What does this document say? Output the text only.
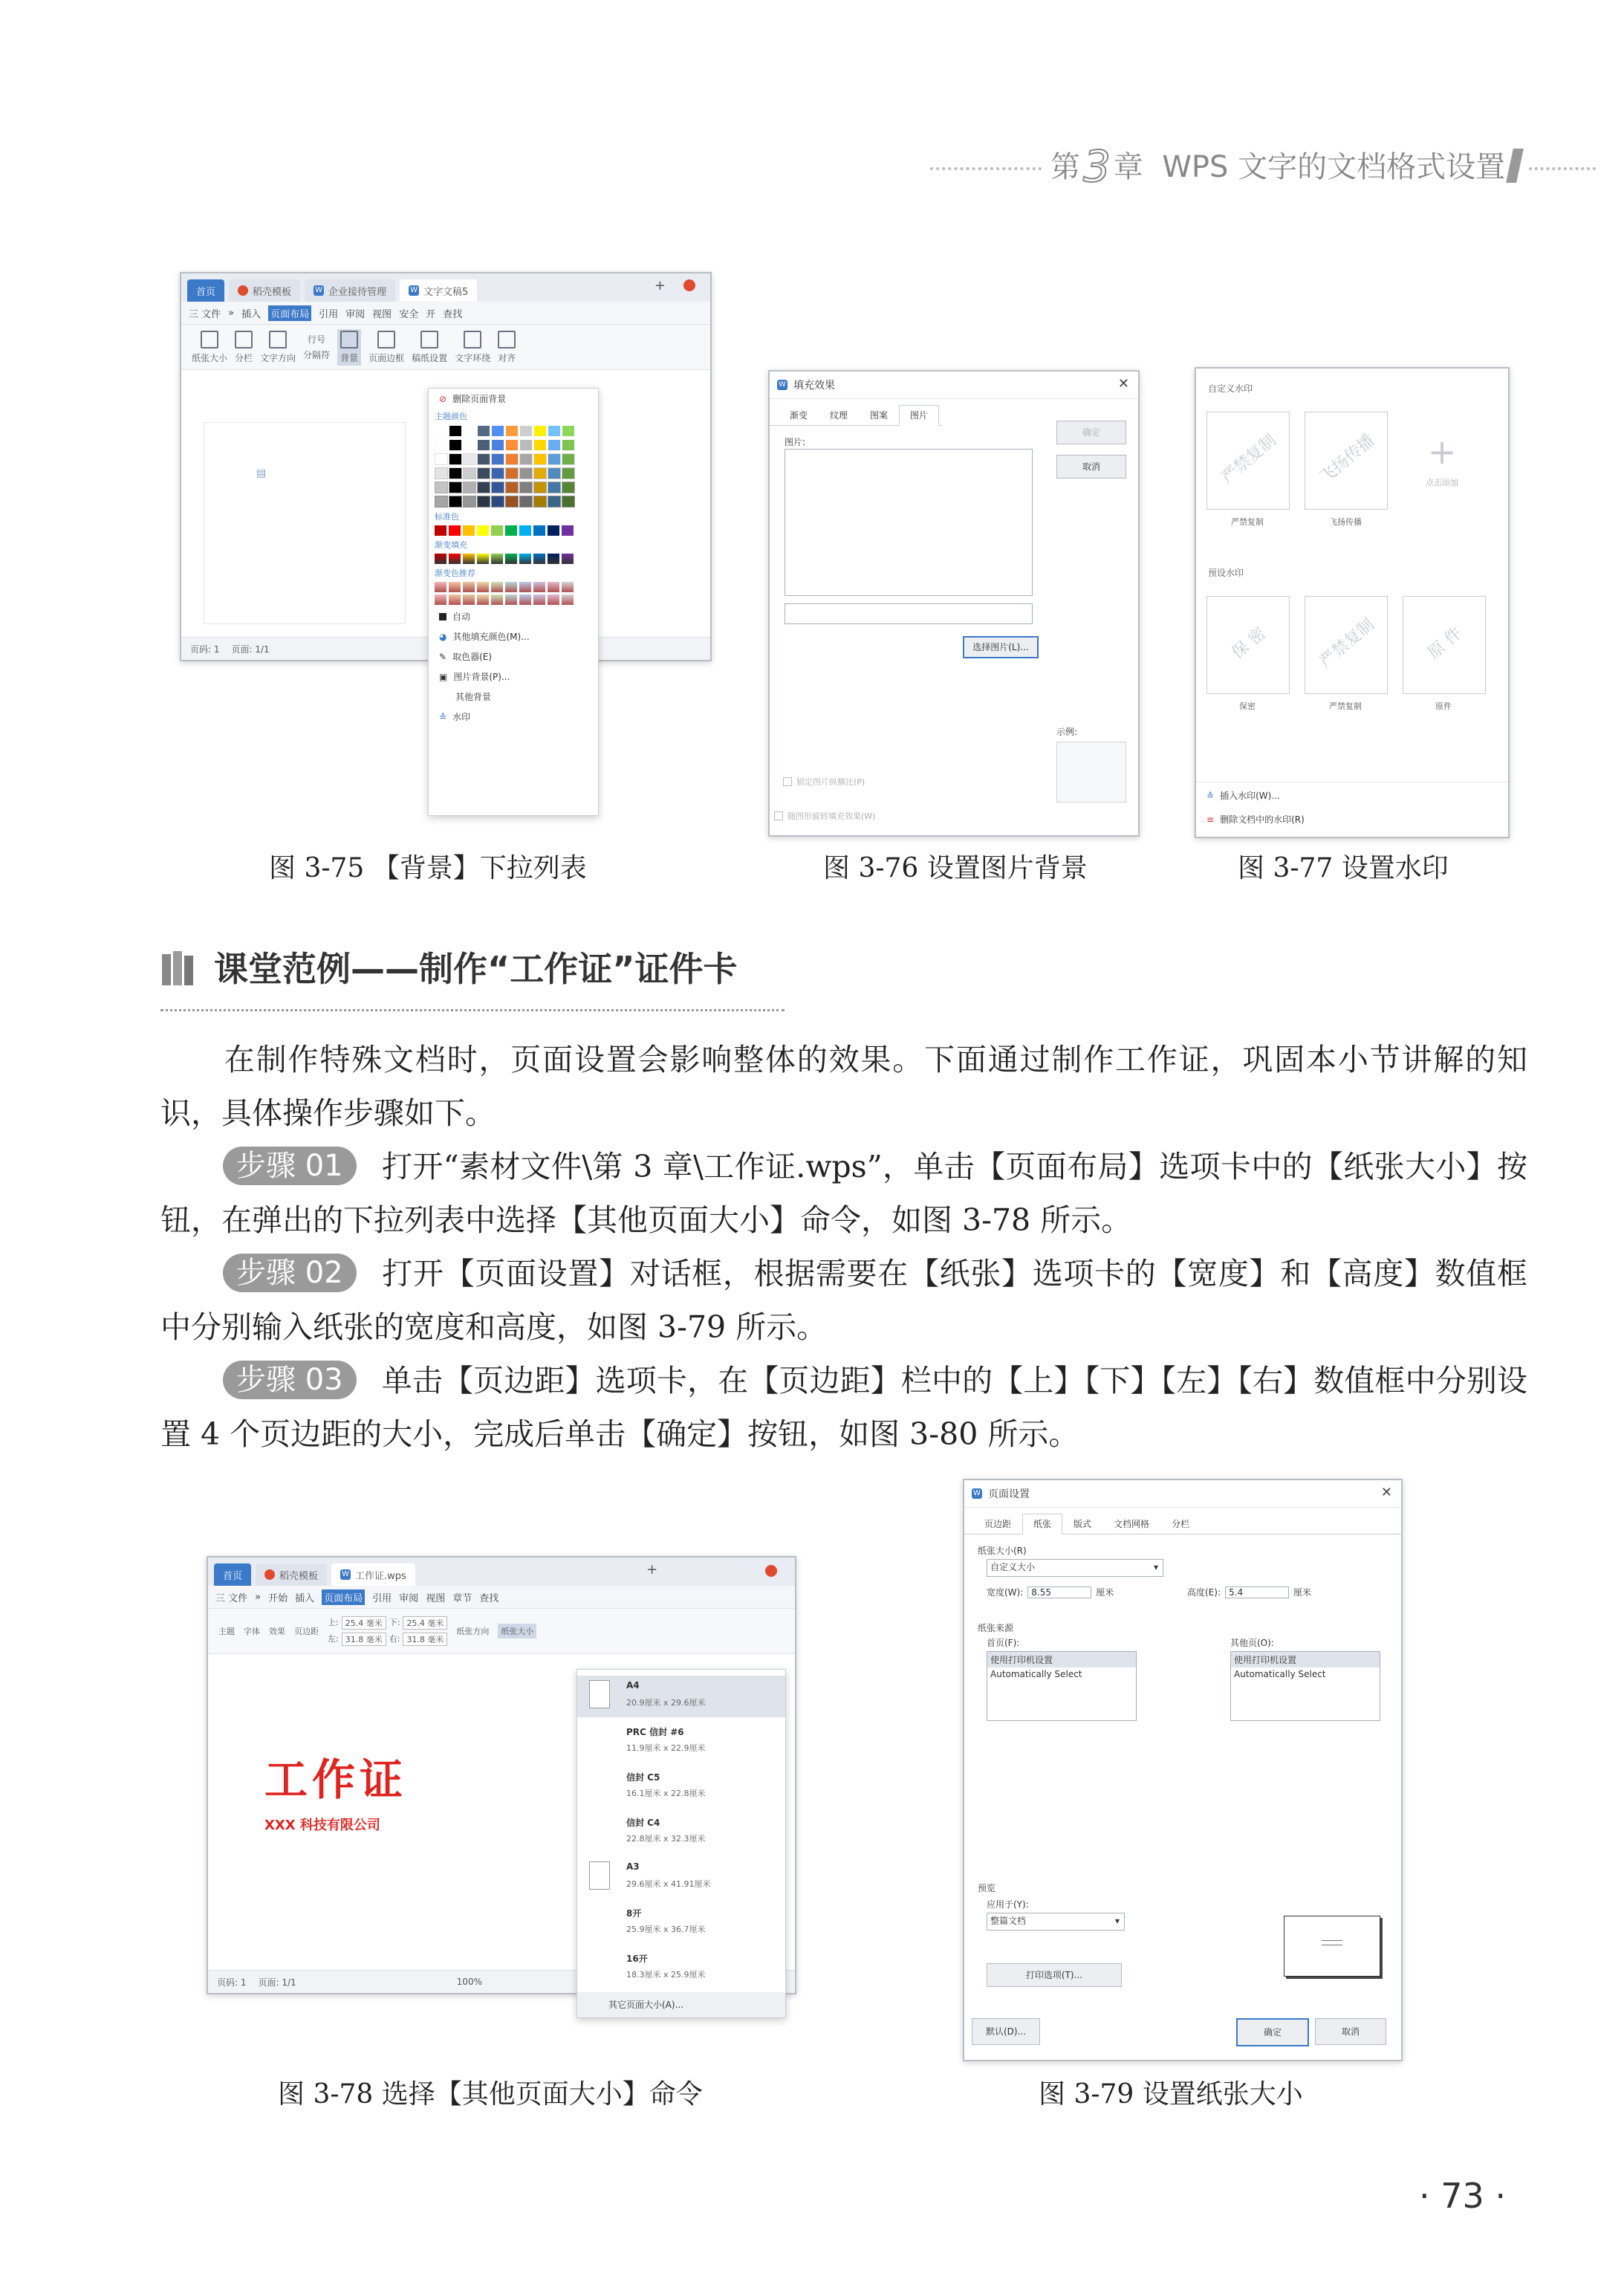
第3 章 WPS 文字的文档格式设置
首页	稻壳模板	W 企业接待管理	W 文字文稿5	+
三 文件 » 插入 页面布局 引用 审阅 视图 安全 开 查找
纸张大小 分栏 文字方向
行号
分隔符 背景 页面边框 稿纸设置 文字环绕 对齐
▤
页码: 1 页面: 1/1
⊘ 删除页面背景
主题颜色
标准色
渐变填充
渐变色推荐
自动
◕ 其他填充颜色(M)...
✎ 取色器(E)
▣ 图片背景(P)...
其他背景
≙ 水印
图 3-75 【背景】下拉列表
W 填充效果	✕
渐变	纹理	图案	图片
图片:
选择图片(L)...
确定
取消
示例:
锁定图片纵横比(P)
随图形旋转填充效果(W)
图 3-76 设置图片背景
自定义水印
严禁复制
严禁复制
飞扬传播
飞扬传播
+
点击添加
预设水印
保 密
保密
严禁复制
严禁复制
原 件
原件
≙ 插入水印(W)...
≡ 删除文档中的水印(R)
图 3-77 设置水印
课堂范例——制作“工作证”证件卡
在制作特殊文档时，页面设置会影响整体的效果。下面通过制作工作证，巩固本小节讲解的知识，具体操作步骤如下。
步骤 01 打开“素材文件\第 3 章\工作证.wps”，单击【页面布局】选项卡中的【纸张大小】按钮，在弹出的下拉列表中选择【其他页面大小】命令，如图 3-78 所示。
步骤 02 打开【页面设置】对话框，根据需要在【纸张】选项卡的【宽度】和【高度】数值框中分别输入纸张的宽度和高度，如图 3-79 所示。
步骤 03 单击【页边距】选项卡，在【页边距】栏中的【上】【下】【左】【右】数值框中分别设置 4 个页边距的大小，完成后单击【确定】按钮，如图 3-80 所示。
首页	稻壳模板	W 工作证.wps	+
三 文件 » 开始 插入 页面布局 引用 审阅 视图 章节 查找
主题 字体 效果 页边距
上: 25.4 毫米 下: 25.4 毫米
左: 31.8 毫米 右: 31.8 毫米
纸张方向	纸张大小
工作证
XXX 科技有限公司
页码: 1 页面: 1/1	100%
A4
20.9厘米 x 29.6厘米
PRC 信封 #6
11.9厘米 x 22.9厘米
信封 C5
16.1厘米 x 22.8厘米
信封 C4
22.8厘米 x 32.3厘米
A3
29.6厘米 x 41.91厘米
8开
25.9厘米 x 36.7厘米
16开
18.3厘米 x 25.9厘米
其它页面大小(A)...
图 3-78 选择【其他页面大小】命令
W 页面设置	✕
页边距	纸张	版式	文档网格	分栏
纸张大小(R)
自定义大小	▾
宽度(W): 8.55	厘米	高度(E): 5.4	厘米
纸张来源
首页(F):
使用打印机设置
Automatically Select
其他页(O):
使用打印机设置
Automatically Select
预览
应用于(Y):
整篇文档	▾
打印选项(T)...
默认(D)...	确定	取消
图 3-79 设置纸张大小
· 73 ·
